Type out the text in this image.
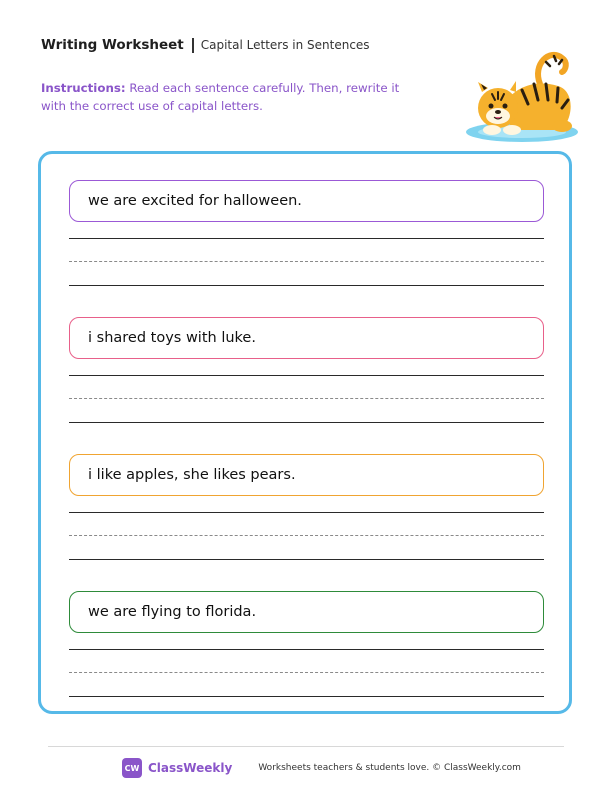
Writing Worksheet Capital Letters in Sentences
Instructions: Read each sentence carefully. Then, rewrite it with the correct use of capital letters.
we are excited for halloween.
i shared toys with luke.
i like apples, she likes pears.
we are flying to florida.
CW ClassWeekly	Worksheets teachers & students love. © ClassWeekly.com
